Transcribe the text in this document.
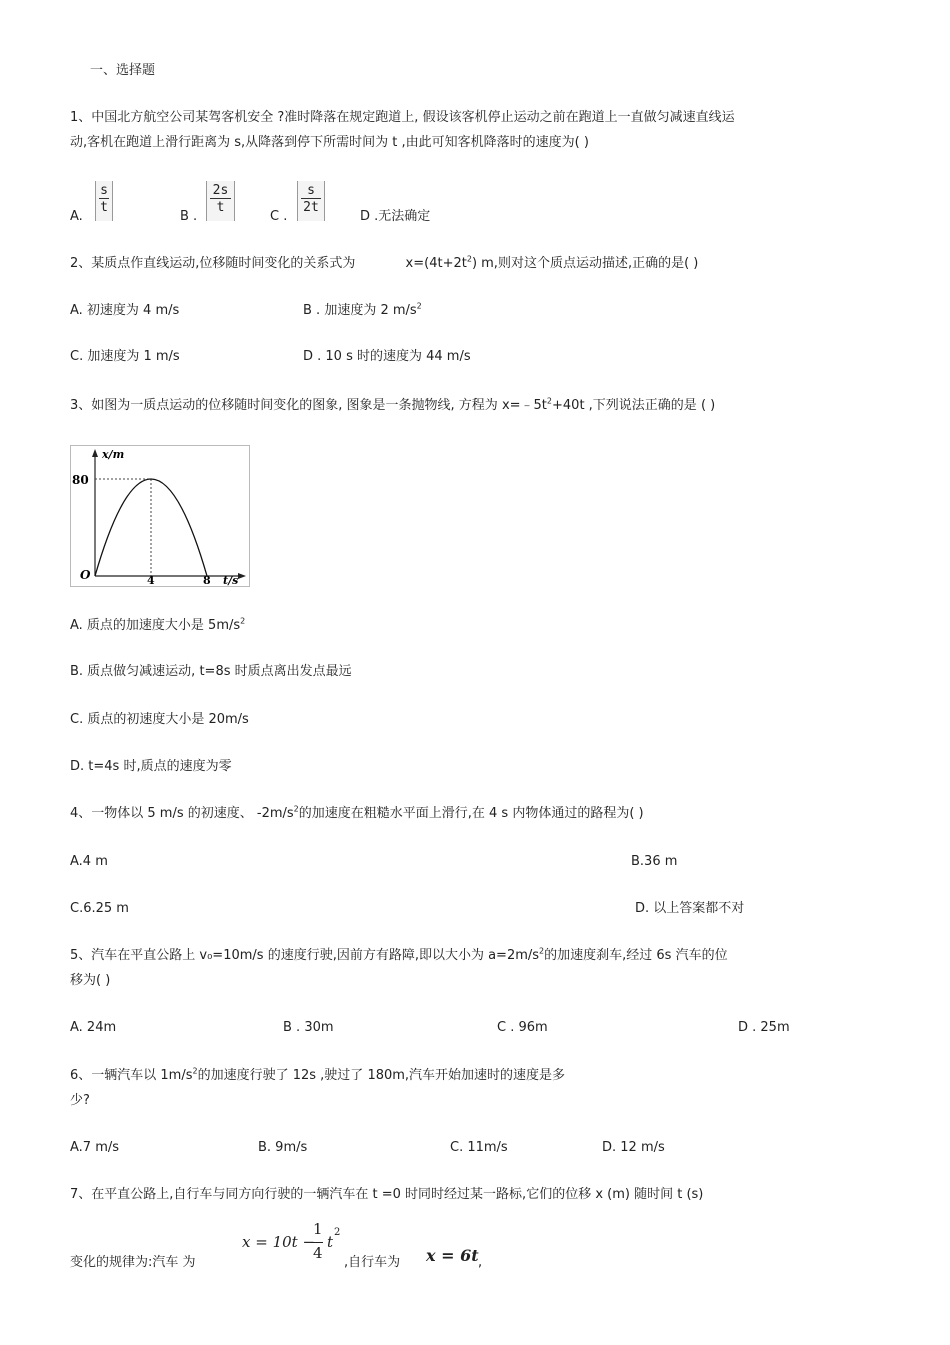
一、选择题
1、中国北方航空公司某驾客机安全 ?准时降落在规定跑道上, 假设该客机停止运动之前在跑道上一直做匀减速直线运
动,客机在跑道上滑行距离为 s,从降落到停下所需时间为 t ,由此可知客机降落时的速度为( )
A. $\frac{s}{t}$	B . $\frac{2s}{t}$	C . $\frac{s}{2t}$	D .无法确定
2、某质点作直线运动,位移随时间变化的关系式为	$x=(4t+2t^2)$ m,则对这个质点运动描述,正确的是( )
A. 初速度为 4 m/s	B . 加速度为 2 $m/s^2$
C. 加速度为 1 m/s	D . 10 s 时的速度为 44 m/s
3、如图为一质点运动的位移随时间变化的图象, 图象是一条抛物线, 方程为 $x=﹣5t^2+40t$ ,下列说法正确的是 ( )
x/m
t/s
O
80
4	8
A. 质点的加速度大小是 $5m/s^2$
B. 质点做匀减速运动, t=8s 时质点离出发点最远
C. 质点的初速度大小是 20m/s
D. t=4s 时,质点的速度为零
4、一物体以 5 m/s 的初速度、 $-2m/s^2$的加速度在粗糙水平面上滑行,在 4 s 内物体通过的路程为( )
A.4 m	B.36 m
C.6.25 m	D. 以上答案都不对
5、汽车在平直公路上 v₀=10m/s 的速度行驶,因前方有路障,即以大小为 $a=2m/s^2$的加速度刹车,经过 6s 汽车的位
移为( )
A. 24m	B . 30m	C . 96m	D . 25m
6、一辆汽车以 $1m/s^2$的加速度行驶了 12s ,驶过了 180m,汽车开始加速时的速度是多
少?
A.7 m/s	B. 9m/s	C. 11m/s	D. 12 m/s
7、在平直公路上,自行车与同方向行驶的一辆汽车在 t =0 时同时经过某一路标,它们的位移 x (m) 随时间 t (s)
变化的规律为:汽车 为
x = 10t −
1
4
t
2
,自行车为 x = 6t ,
